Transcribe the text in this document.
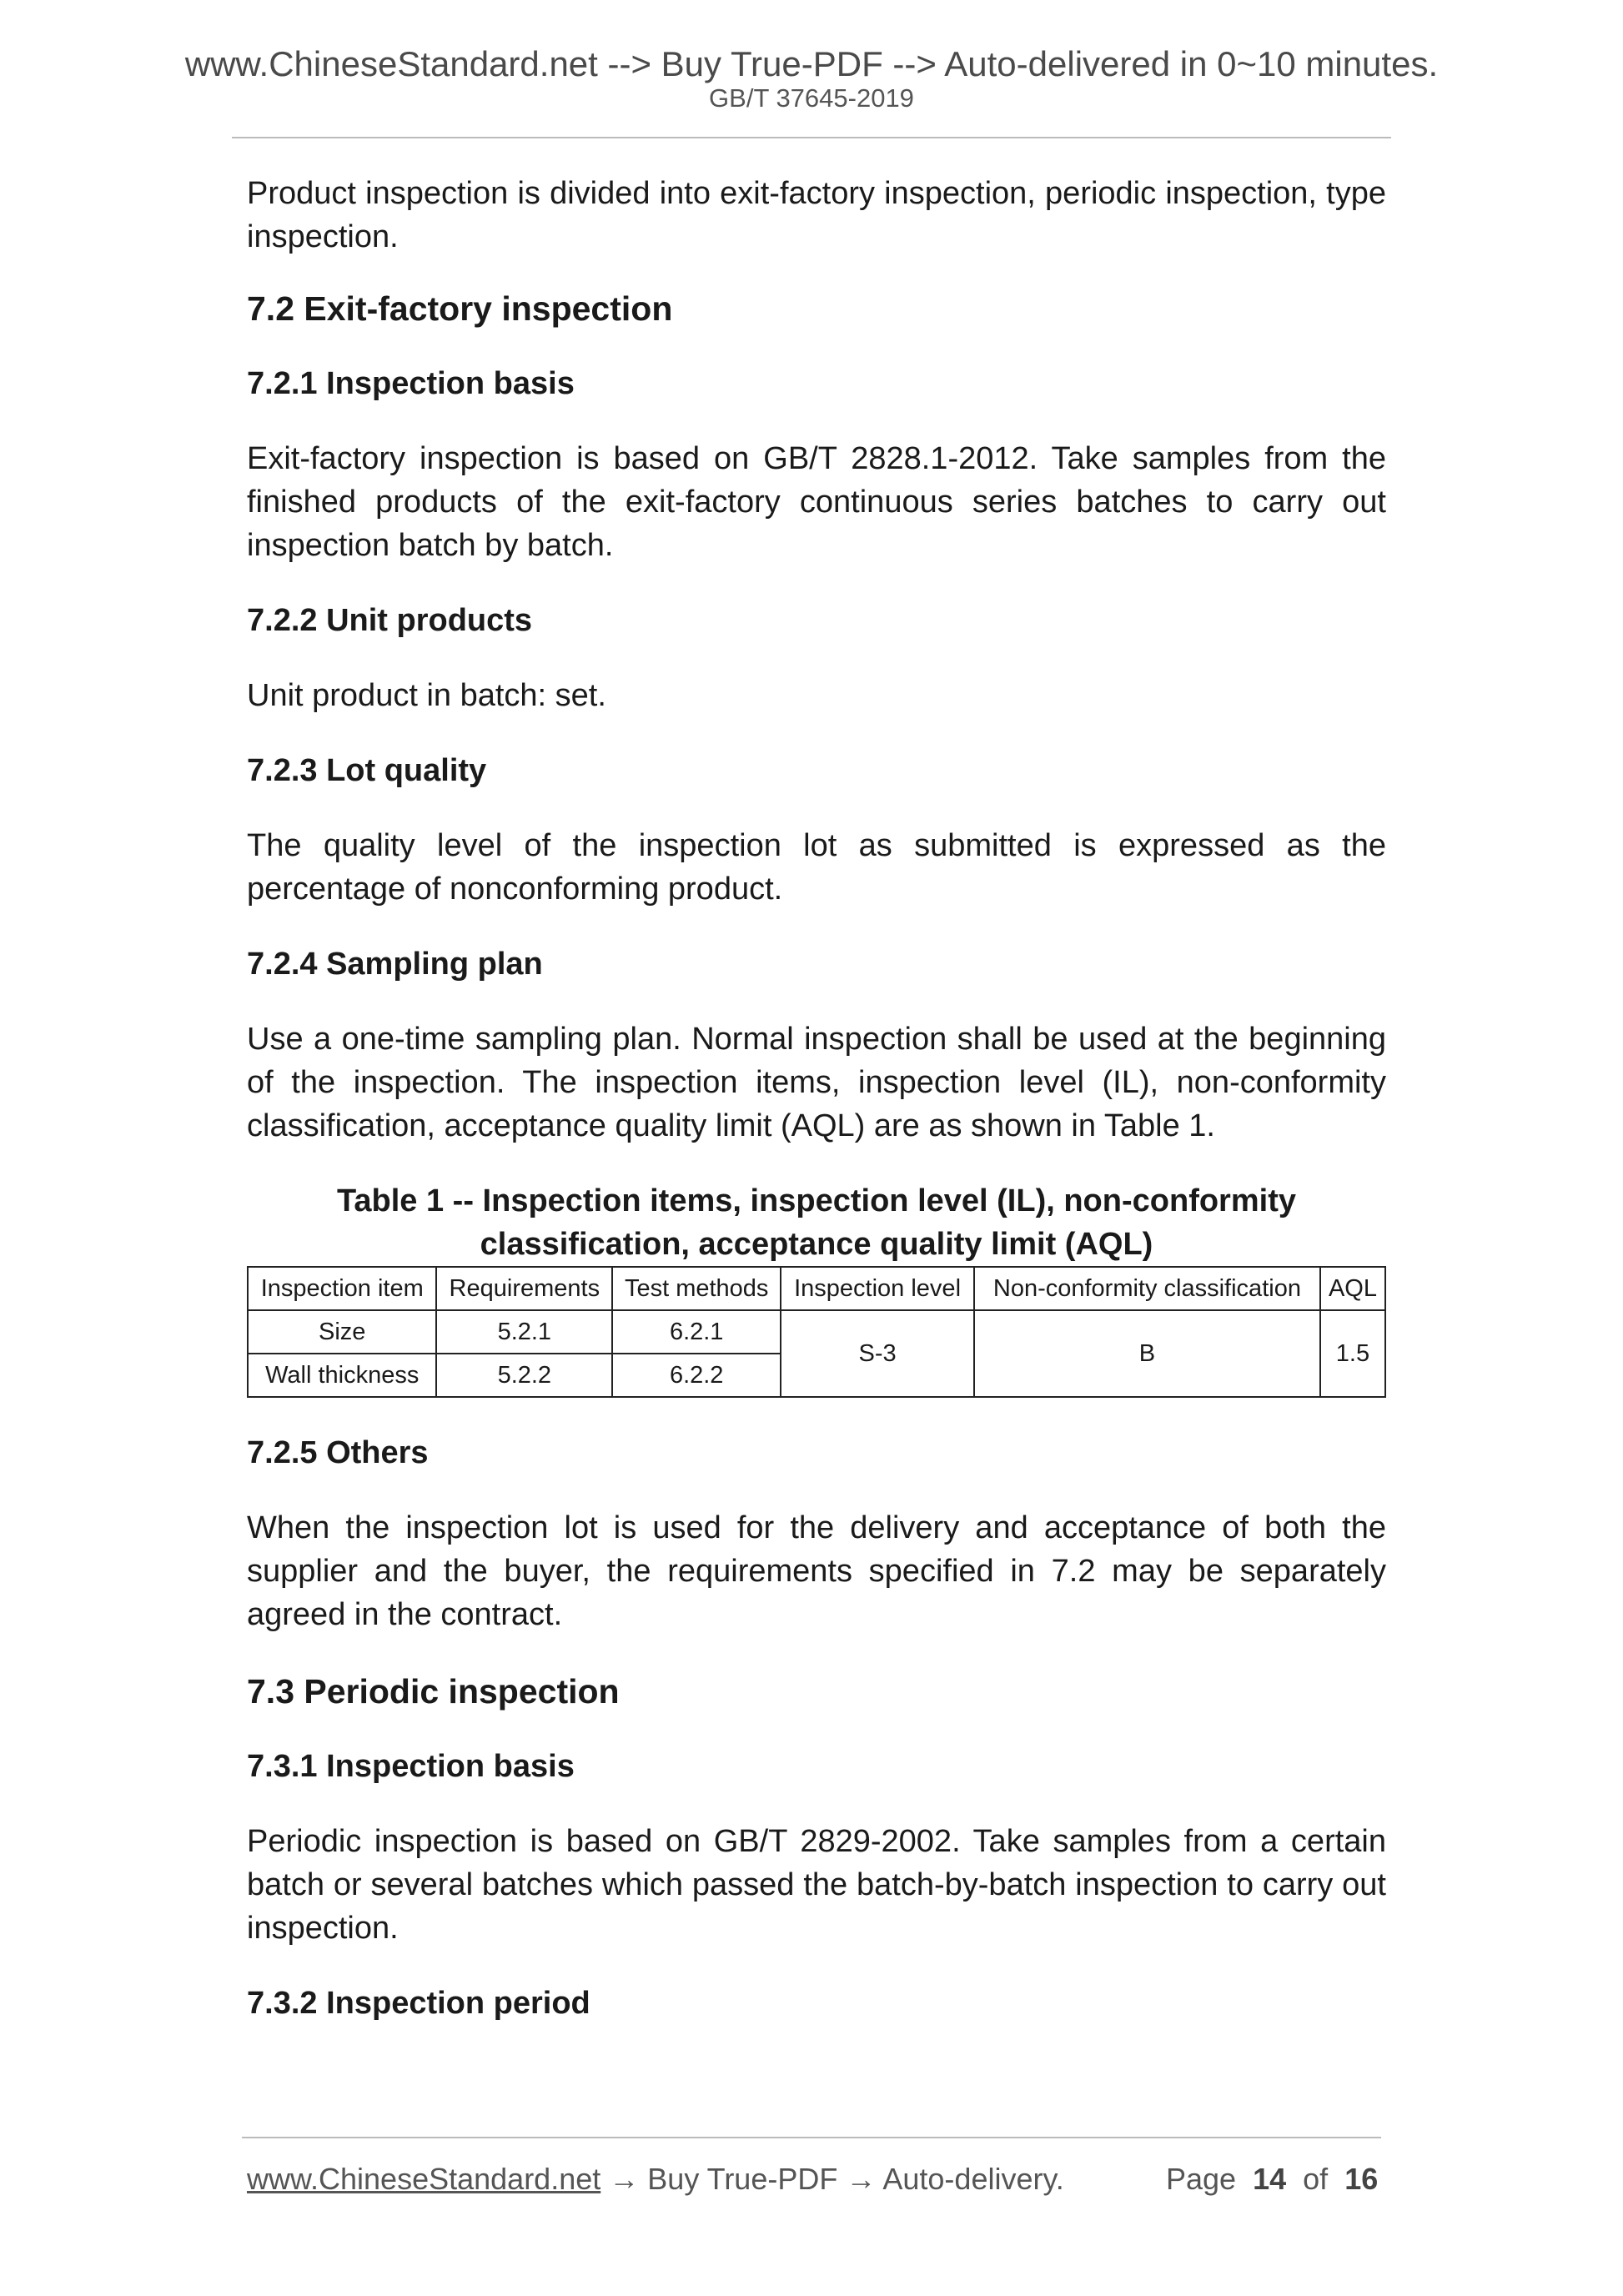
www.ChineseStandard.net --> Buy True-PDF --> Auto-delivered in 0~10 minutes.
GB/T 37645-2019

Product inspection is divided into exit-factory inspection, periodic inspection, type inspection.

7.2 Exit-factory inspection
7.2.1 Inspection basis

Exit-factory inspection is based on GB/T 2828.1-2012. Take samples from the finished products of the exit-factory continuous series batches to carry out inspection batch by batch.

7.2.2 Unit products

Unit product in batch: set.

7.2.3 Lot quality

The quality level of the inspection lot as submitted is expressed as the percentage of nonconforming product.

7.2.4 Sampling plan

Use a one-time sampling plan. Normal inspection shall be used at the beginning of the inspection. The inspection items, inspection level (IL), non-conformity classification, acceptance quality limit (AQL) are as shown in Table 1.

Table 1 -- Inspection items, inspection level (IL), non-conformity
classification, acceptance quality limit (AQL)
Inspection item	Requirements	Test methods	Inspection level	Non-conformity classification	AQL
Size	5.2.1	6.2.1	S-3	B	1.5
Wall thickness	5.2.2	6.2.2			
7.2.5 Others

When the inspection lot is used for the delivery and acceptance of both the supplier and the buyer, the requirements specified in 7.2 may be separately agreed in the contract.

7.3 Periodic inspection
7.3.1 Inspection basis

Periodic inspection is based on GB/T 2829-2002. Take samples from a certain batch or several batches which passed the batch-by-batch inspection to carry out inspection.

7.3.2 Inspection period
www.ChineseStandard.net → Buy True-PDF → Auto-delivery.	Page 14 of 16
